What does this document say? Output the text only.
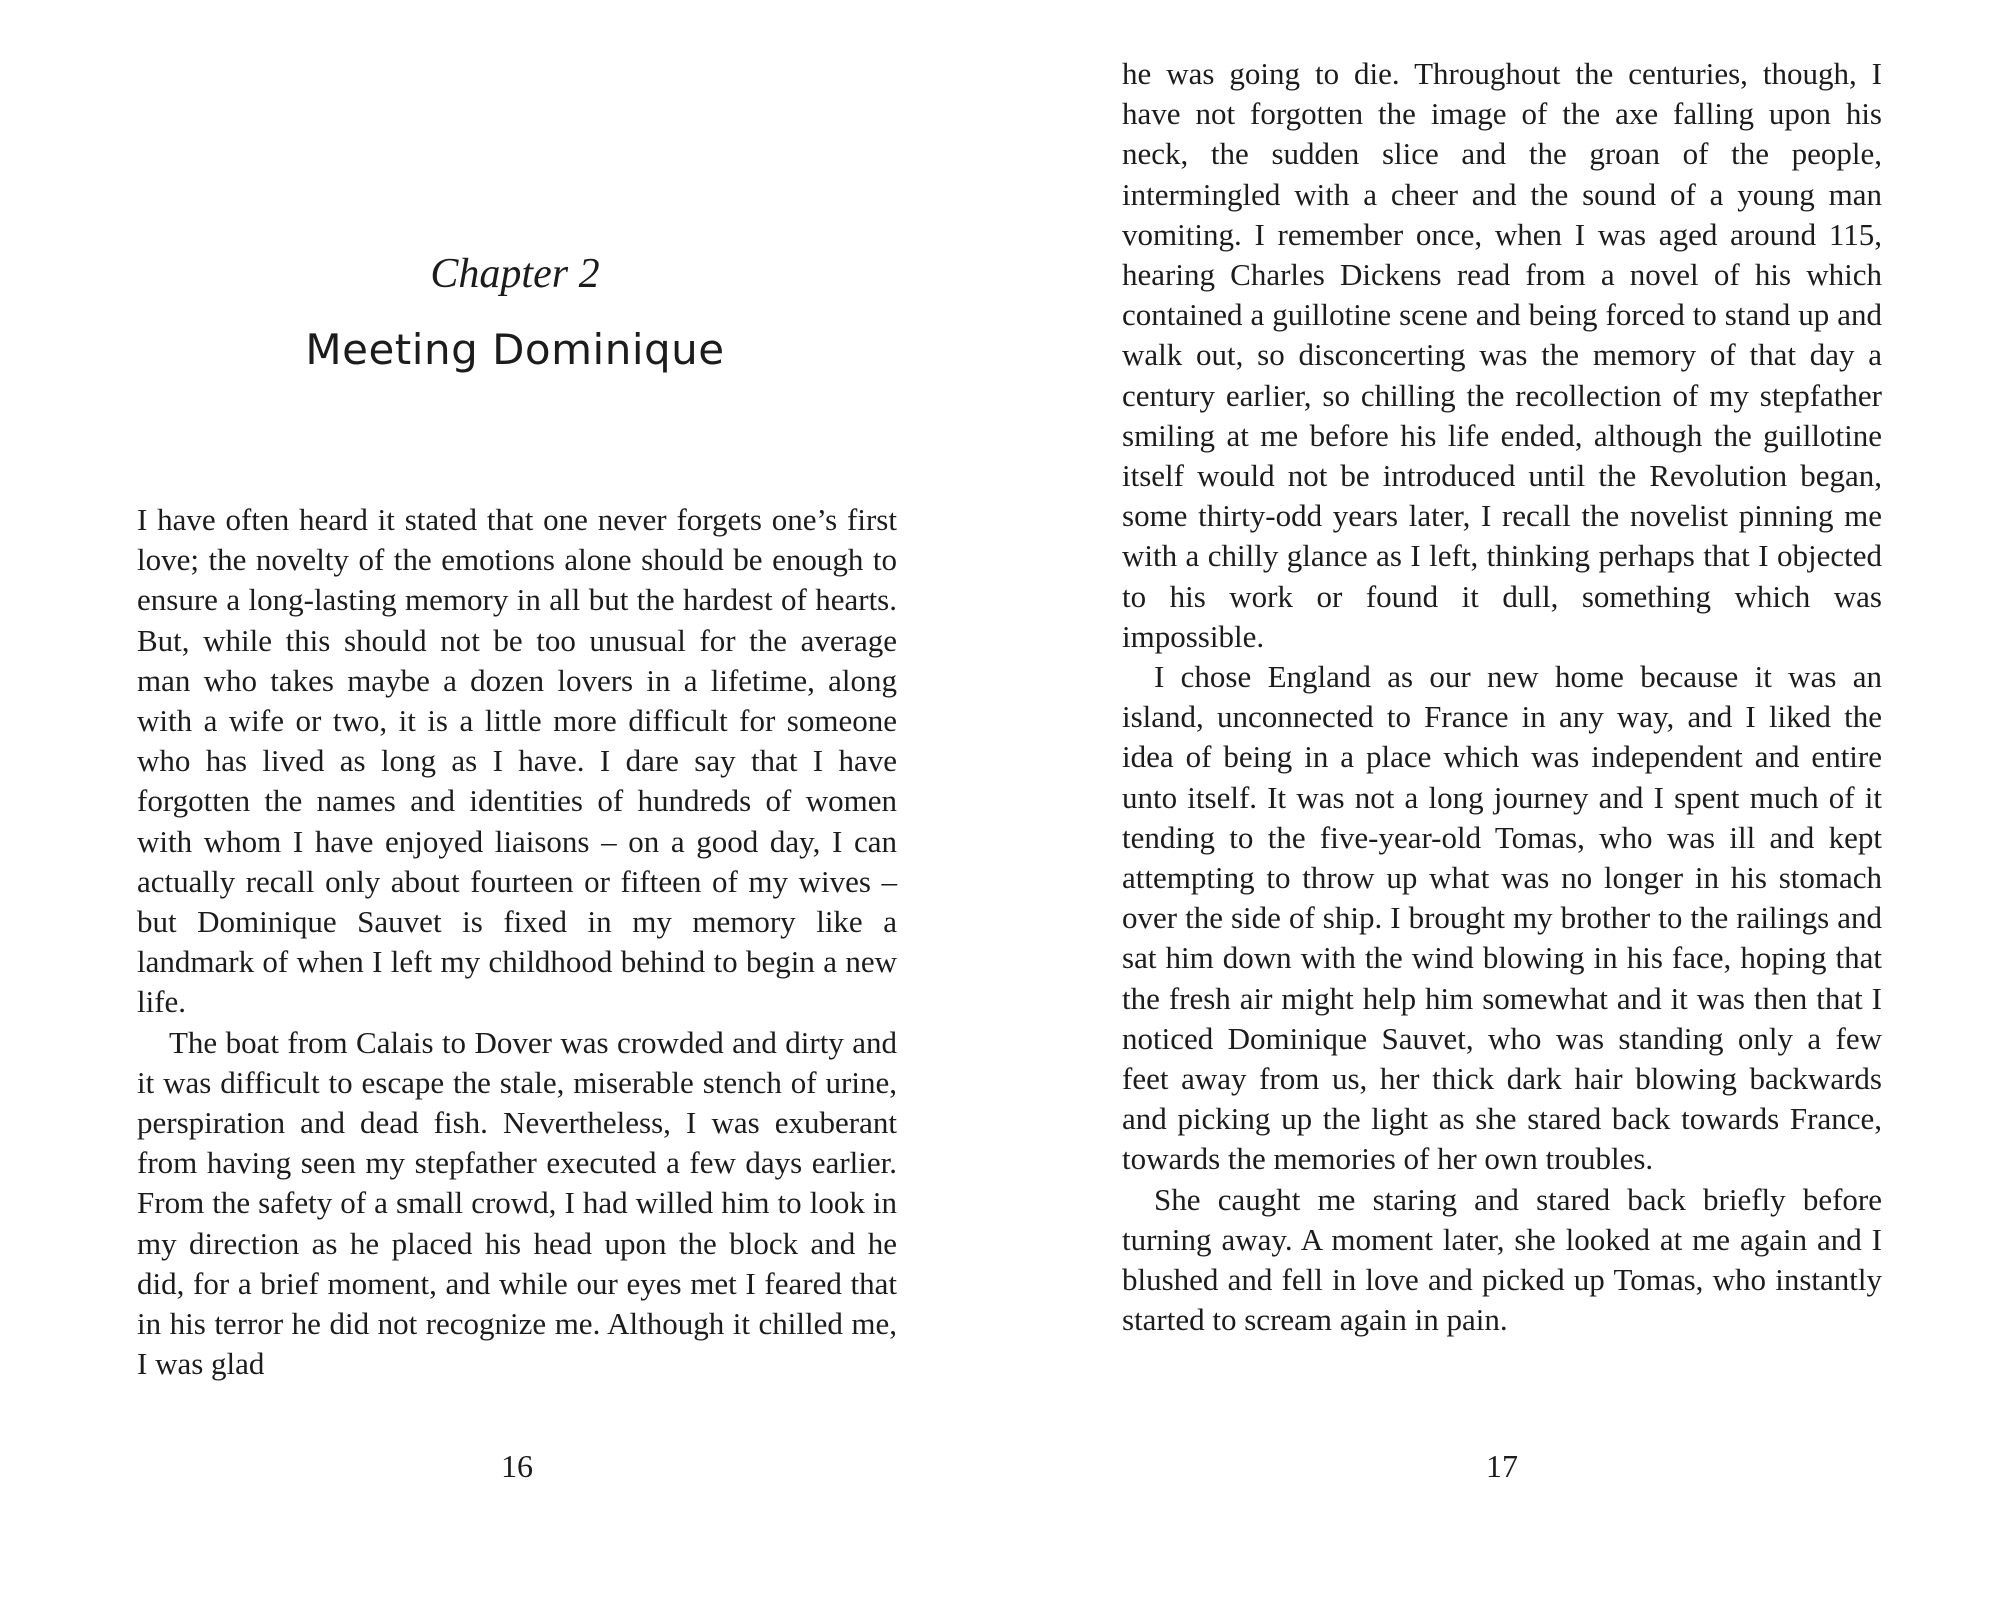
Chapter 2
Meeting Dominique

I have often heard it stated that one never forgets one’s first love; the novelty of the emotions alone should be enough to ensure a long-lasting memory in all but the hardest of hearts. But, while this should not be too unusual for the average man who takes maybe a dozen lovers in a lifetime, along with a wife or two, it is a little more difficult for someone who has lived as long as I have. I dare say that I have forgotten the names and identities of hundreds of women with whom I have enjoyed liaisons – on a good day, I can actually recall only about fourteen or fifteen of my wives – but Dominique Sauvet is fixed in my memory like a landmark of when I left my childhood behind to begin a new life.

The boat from Calais to Dover was crowded and dirty and it was difficult to escape the stale, miserable stench of urine, perspiration and dead fish. Nevertheless, I was exuberant from having seen my stepfather executed a few days earlier. From the safety of a small crowd, I had willed him to look in my direction as he placed his head upon the block and he did, for a brief moment, and while our eyes met I feared that in his terror he did not recognize me. Although it chilled me, I was glad

16

he was going to die. Throughout the centuries, though, I have not forgotten the image of the axe falling upon his neck, the sudden slice and the groan of the people, intermingled with a cheer and the sound of a young man vomiting. I remember once, when I was aged around 115, hearing Charles Dickens read from a novel of his which contained a guillotine scene and being forced to stand up and walk out, so disconcerting was the memory of that day a century earlier, so chilling the recollection of my stepfather smiling at me before his life ended, although the guillotine itself would not be introduced until the Revolution began, some thirty-odd years later, I recall the novelist pinning me with a chilly glance as I left, thinking perhaps that I objected to his work or found it dull, something which was impossible.

I chose England as our new home because it was an island, unconnected to France in any way, and I liked the idea of being in a place which was independent and entire unto itself. It was not a long journey and I spent much of it tending to the five-year-old Tomas, who was ill and kept attempting to throw up what was no longer in his stomach over the side of ship. I brought my brother to the railings and sat him down with the wind blowing in his face, hoping that the fresh air might help him somewhat and it was then that I noticed Dominique Sauvet, who was standing only a few feet away from us, her thick dark hair blowing backwards and picking up the light as she stared back towards France, towards the memories of her own troubles.

She caught me staring and stared back briefly before turning away. A moment later, she looked at me again and I blushed and fell in love and picked up Tomas, who instantly started to scream again in pain.

17
